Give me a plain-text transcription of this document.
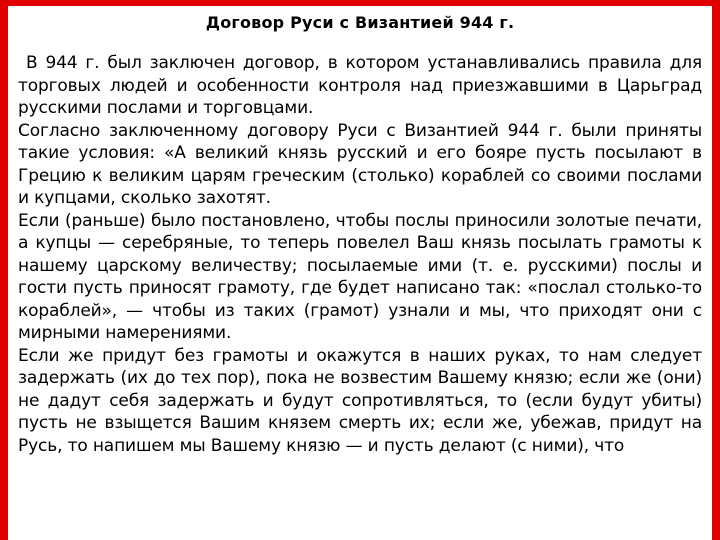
Договор Руси с Византией 944 г.

В 944 г. был заключен договор, в котором устанавливались правила для торговых людей и особенности контроля над приезжавшими в Царьград русскими послами и торговцами.

Согласно заключенному договору Руси с Византией 944 г. были приняты такие условия: «А великий князь русский и его бояре пусть посылают в Грецию к великим царям греческим (столько) кораблей со своими послами и купцами, сколько захотят.

Если (раньше) было постановлено, чтобы послы приносили золотые печати, а купцы — серебряные, то теперь повелел Ваш князь посылать грамоты к нашему царскому величеству; посылаемые ими (т. е. русскими) послы и гости пусть приносят грамоту, где будет написано так: «послал столько-то кораблей», — чтобы из таких (грамот) узнали и мы, что приходят они с мирными намерениями.

Если же придут без грамоты и окажутся в наших руках, то нам следует задержать (их до тех пор), пока не возвестим Вашему князю; если же (они) не дадут себя задержать и будут сопротивляться, то (если будут убиты) пусть не взыщется Вашим князем смерть их; если же, убежав, придут на Русь, то напишем мы Вашему князю — и пусть делают (с ними), что
